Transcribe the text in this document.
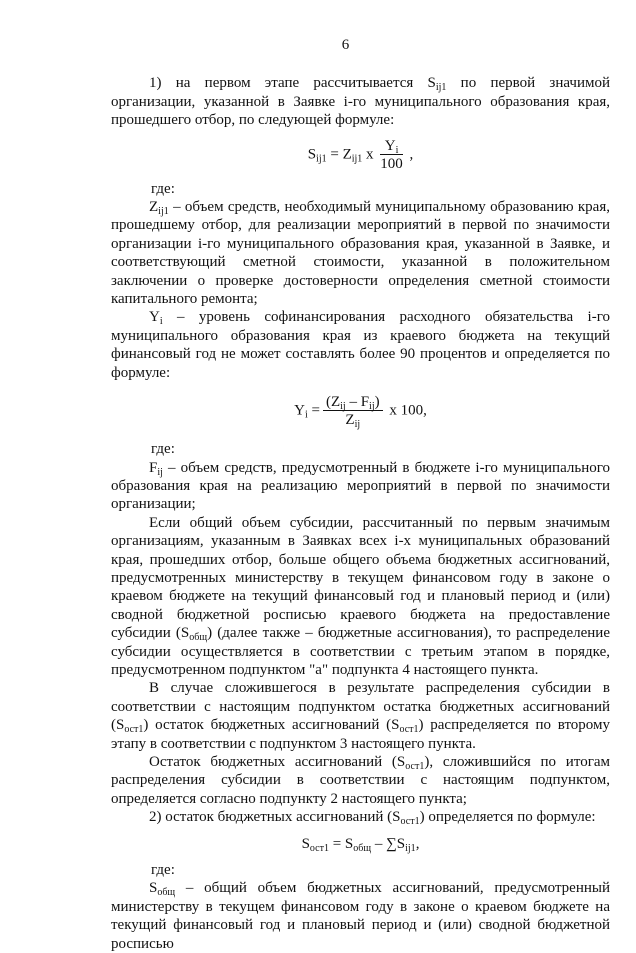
6

1) на первом этапе рассчитывается $S_{ij1}$ по первой значимой организации, указанной в Заявке i-го муниципального образования края, прошедшего отбор, по следующей формуле:

$S_{ij1} = Z_{ij1}$ x $\frac{Y_i}{100}$ ,
где:

$Z_{ij1}$ – объем средств, необходимый муниципальному образованию края, прошедшему отбор, для реализации мероприятий в первой по значимости организации i-го муниципального образования края, указанной в Заявке, и соответствующий сметной стоимости, указанной в положительном заключении о проверке достоверности определения сметной стоимости капитального ремонта;

$Y_i$ – уровень софинансирования расходного обязательства i-го муниципального образования края из краевого бюджета на текущий финансовый год не может составлять более 90 процентов и определяется по формуле:

$Y_i = \frac{(Z_{ij} - F_{ij})}{Z_{ij}}$ x 100,
где:

$F_{ij}$ – объем средств, предусмотренный в бюджете i-го муниципального образования края на реализацию мероприятий в первой по значимости организации;

Если общий объем субсидии, рассчитанный по первым значимым организациям, указанным в Заявках всех i-х муниципальных образований края, прошедших отбор, больше общего объема бюджетных ассигнований, предусмотренных министерству в текущем финансовом году в законе о краевом бюджете на текущий финансовый год и плановый период и (или) сводной бюджетной росписью краевого бюджета на предоставление субсидии $(S_{общ})$ (далее также – бюджетные ассигнования), то распределение субсидии осуществляется в соответствии с третьим этапом в порядке, предусмотренном подпунктом "а" подпункта 4 настоящего пункта.

В случае сложившегося в результате распределения субсидии в соответствии с настоящим подпунктом остатка бюджетных ассигнований $(S_{ост1})$ остаток бюджетных ассигнований $(S_{ост1})$ распределяется по второму этапу в соответствии с подпунктом 3 настоящего пункта.

Остаток бюджетных ассигнований $(S_{ост1})$, сложившийся по итогам распределения субсидии в соответствии с настоящим подпунктом, определяется согласно подпункту 2 настоящего пункта;

2) остаток бюджетных ассигнований $(S_{ост1})$ определяется по формуле:

$S_{ост1} = S_{общ} - \sum S_{ij1}$,
где:

$S_{общ}$ – общий объем бюджетных ассигнований, предусмотренный министерству в текущем финансовом году в законе о краевом бюджете на текущий финансовый год и плановый период и (или) сводной бюджетной росписью
